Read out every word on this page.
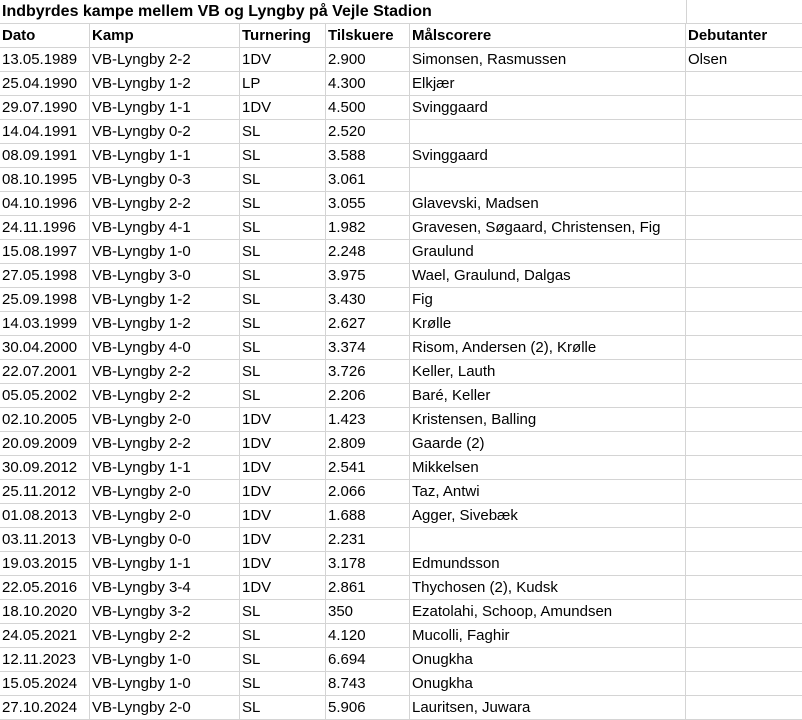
Indbyrdes kampe mellem VB og Lyngby på Vejle Stadion
Dato	Kamp	Turnering	Tilskuere	Målscorere	Debutanter
13.05.1989 VB-Lyngby 2-2	1DV	2.900	Simonsen, Rasmussen	Olsen
25.04.1990 VB-Lyngby 1-2	LP	4.300	Elkjær
29.07.1990 VB-Lyngby 1-1	1DV	4.500	Svinggaard
14.04.1991 VB-Lyngby 0-2	SL	2.520
08.09.1991 VB-Lyngby 1-1	SL	3.588	Svinggaard
08.10.1995 VB-Lyngby 0-3	SL	3.061
04.10.1996 VB-Lyngby 2-2	SL	3.055	Glavevski, Madsen
24.11.1996	VB-Lyngby 4-1	SL	1.982	Gravesen, Søgaard, Christensen, Fig
15.08.1997 VB-Lyngby 1-0	SL	2.248	Graulund
27.05.1998 VB-Lyngby 3-0	SL	3.975	Wael, Graulund, Dalgas
25.09.1998 VB-Lyngby 1-2	SL	3.430	Fig
14.03.1999 VB-Lyngby 1-2	SL	2.627	Krølle
30.04.2000 VB-Lyngby 4-0	SL	3.374	Risom, Andersen (2), Krølle
22.07.2001 VB-Lyngby 2-2	SL	3.726	Keller, Lauth
05.05.2002 VB-Lyngby 2-2	SL	2.206	Baré, Keller
02.10.2005 VB-Lyngby 2-0	1DV	1.423	Kristensen, Balling
20.09.2009 VB-Lyngby 2-2	1DV	2.809	Gaarde (2)
30.09.2012 VB-Lyngby 1-1	1DV	2.541	Mikkelsen
25.11.2012	VB-Lyngby 2-0	1DV	2.066	Taz, Antwi
01.08.2013 VB-Lyngby 2-0	1DV	1.688	Agger, Sivebæk
03.11.2013	VB-Lyngby 0-0	1DV	2.231
19.03.2015 VB-Lyngby 1-1	1DV	3.178	Edmundsson
22.05.2016 VB-Lyngby 3-4	1DV	2.861	Thychosen (2), Kudsk
18.10.2020 VB-Lyngby 3-2	SL	350	Ezatolahi, Schoop, Amundsen
24.05.2021 VB-Lyngby 2-2	SL	4.120	Mucolli, Faghir
12.11.2023	VB-Lyngby 1-0	SL	6.694	Onugkha
15.05.2024 VB-Lyngby 1-0	SL	8.743	Onugkha
27.10.2024 VB-Lyngby 2-0	SL	5.906	Lauritsen, Juwara
